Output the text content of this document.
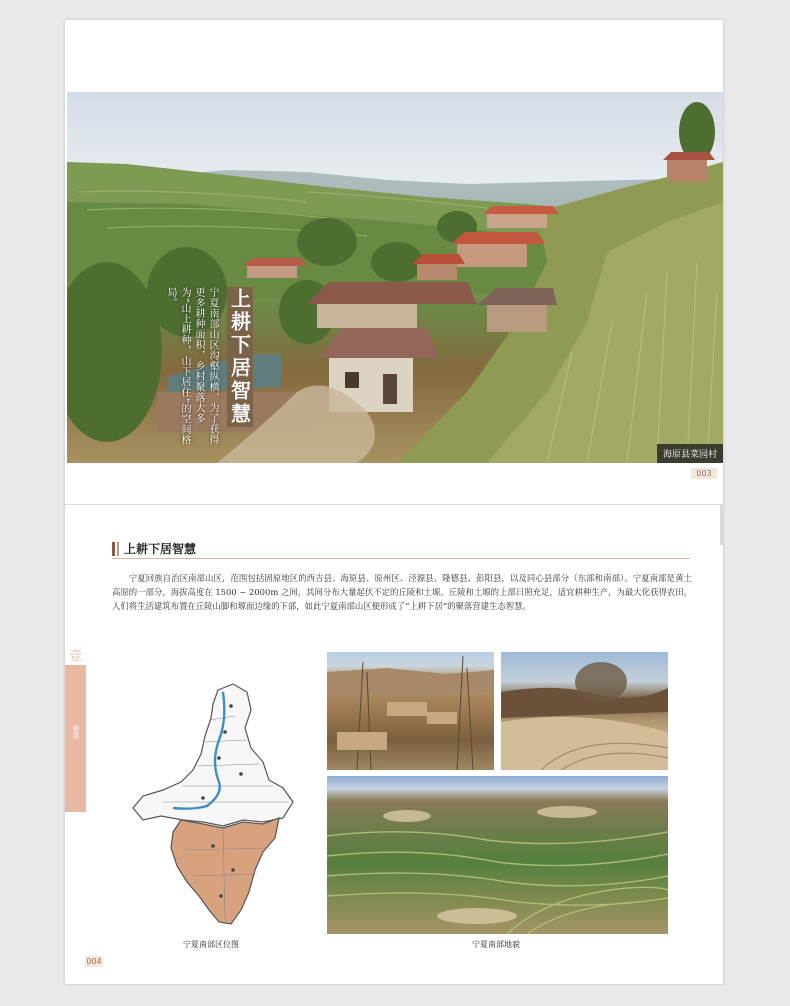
上耕下居智慧
宁夏南部山区沟壑纵横，为了获得更多耕种面积，乡村聚落大多为“山上耕种，山下居住”的空间格局。
海原县菜园村
003
上耕下居智慧
宁夏回族自治区南部山区，范围包括固原地区的西吉县、海原县、原州区、泾源县、隆德县、彭阳县，以及同心县部分（东部和南部）。宁夏南部是黄土高原的一部分，海拔高度在 1500 ~ 2000m 之间，其间分布大量起伏不定的丘陵和土塬。丘陵和土塬的上部日照充足，适宜耕种生产，为最大化获得农田，人们将生活建筑布置在丘陵山脚和塬面边缘的下部，如此宁夏南部山区便形成了“上耕下居”的聚落营建生态智慧。
壹
聚落
宁夏南部区位图	宁夏南部地貌
004
